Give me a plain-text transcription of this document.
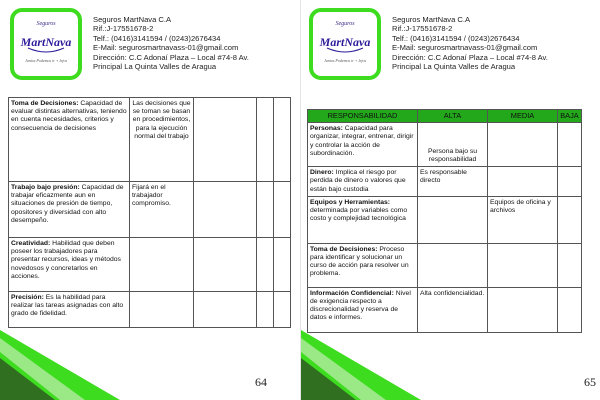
Seguros
MartNava
Juntos Podemos ir + lejos
Seguros MartNava C.A
Rif.:J-17551678-2
Telf.: (0416)3141594 / (0243)2676434
E-Mail: segurosmartnavass-01@gmail.com
Dirección: C.C Adonaí Plaza – Local #74-8 Av.
Principal La Quinta Valles de Aragua
Toma de Decisiones: Capacidad de evaluar distintas alternativas, teniendo en cuenta necesidades, criterios y consecuencia de decisiones	Las decisiones que se toman se basan en procedimientos, para la ejecución normal del trabajo			
Trabajo bajo presión: Capacidad de trabajar eficazmente aun en situaciones de presión de tiempo, opositores y diversidad con alto desempeño.	Fijará en el trabajador compromiso.			
Creatividad: Habilidad que deben poseer los trabajadores para presentar recursos, ideas y métodos novedosos y concretarlos en acciones.				
Precisión: Es la habilidad para realizar las tareas asignadas con alto grado de fidelidad.				
64
Seguros
MartNava
Juntos Podemos ir + lejos
Seguros MartNava C.A
Rif.:J-17551678-2
Telf.: (0416)3141594 / (0243)2676434
E-Mail: segurosmartnavass-01@gmail.com
Dirección: C.C Adonaí Plaza – Local #74-8 Av.
Principal La Quinta Valles de Aragua
RESPONSABILIDAD	ALTA	MEDIA	BAJA
Personas: Capacidad para organizar, integrar, entrenar, dirigir y controlar la acción de subordinación.	Persona bajo su responsabilidad		
Dinero: Implica el riesgo por perdida de dinero o valores que están bajo custodia	Es responsable directo		
Equipos y Herramientas: determinada por variables como costo y complejidad tecnológica		Equipos de oficina y archivos	
Toma de Decisiones: Proceso para identificar y solucionar un curso de acción para resolver un problema.			
Información Confidencial: Nivel de exigencia respecto a discrecionalidad y reserva de datos e informes.	Alta confidencialidad.		
65
